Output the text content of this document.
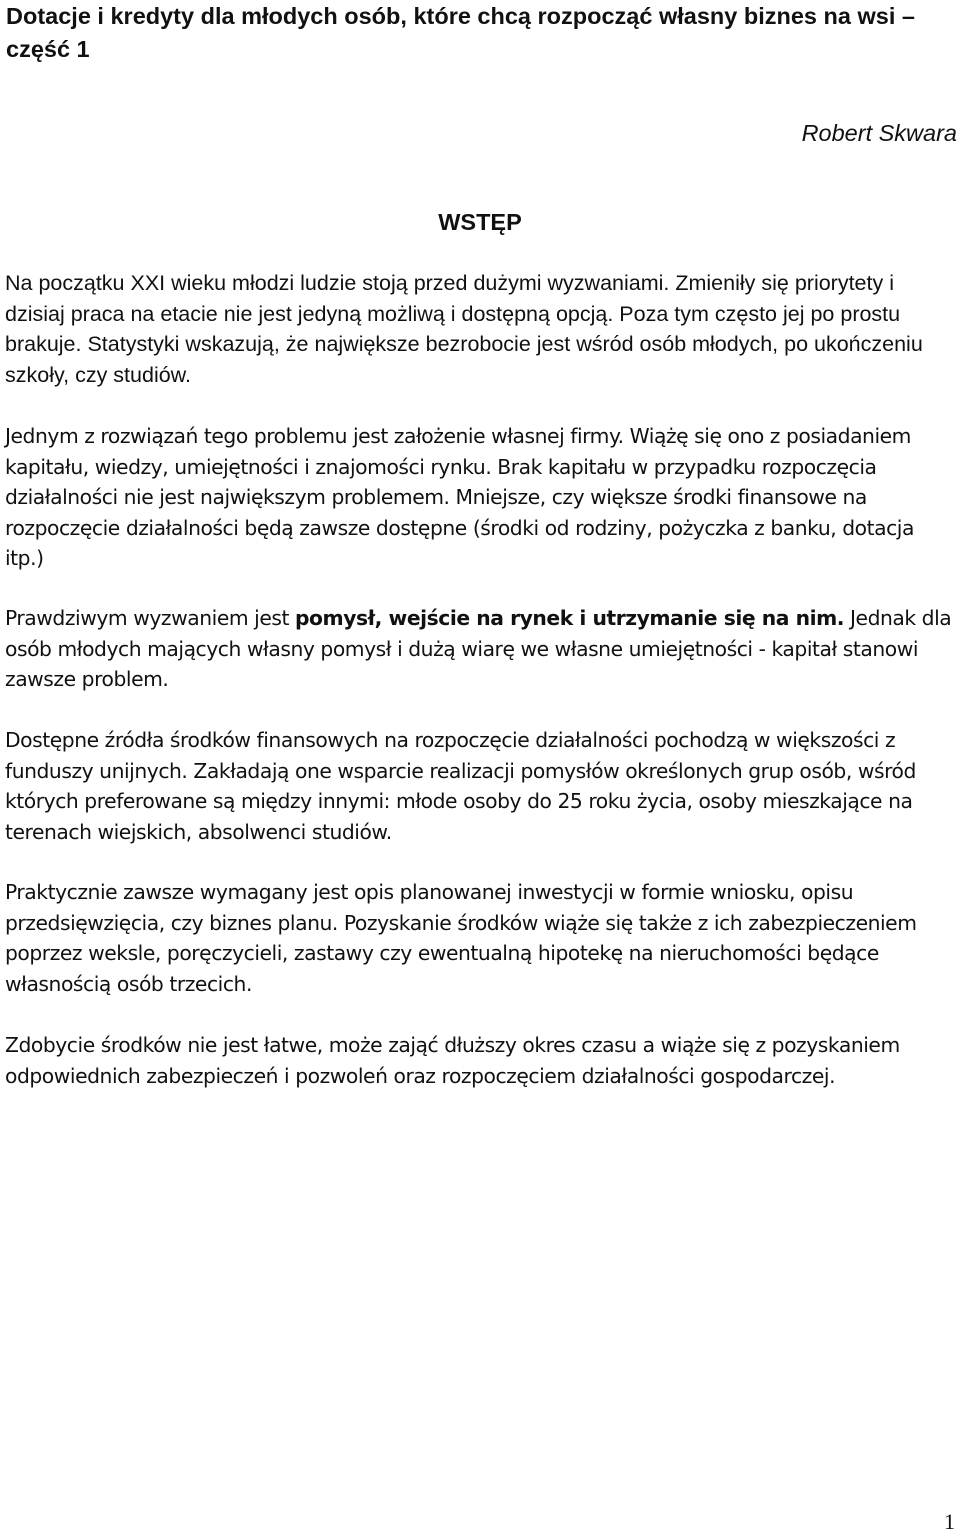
Dotacje i kredyty dla młodych osób, które chcą rozpocząć własny biznes na wsi – część 1

Robert Skwara

WSTĘP

Na początku XXI wieku młodzi ludzie stoją przed dużymi wyzwaniami. Zmieniły się priorytety i dzisiaj praca na etacie nie jest jedyną możliwą i dostępną opcją. Poza tym często jej po prostu brakuje. Statystyki wskazują, że największe bezrobocie jest wśród osób młodych, po ukończeniu szkoły, czy studiów.

Jednym z rozwiązań tego problemu jest założenie własnej firmy. Wiążę się ono z posiadaniem kapitału, wiedzy, umiejętności i znajomości rynku. Brak kapitału w przypadku rozpoczęcia działalności nie jest największym problemem. Mniejsze, czy większe środki finansowe na rozpoczęcie działalności będą zawsze dostępne (środki od rodziny, pożyczka z banku, dotacja itp.)

Prawdziwym wyzwaniem jest pomysł, wejście na rynek i utrzymanie się na nim. Jednak dla osób młodych mających własny pomysł i dużą wiarę we własne umiejętności - kapitał stanowi zawsze problem.

Dostępne źródła środków finansowych na rozpoczęcie działalności pochodzą w większości z funduszy unijnych. Zakładają one wsparcie realizacji pomysłów określonych grup osób, wśród których preferowane są między innymi: młode osoby do 25 roku życia, osoby mieszkające na terenach wiejskich, absolwenci studiów.

Praktycznie zawsze wymagany jest opis planowanej inwestycji w formie wniosku, opisu przedsięwzięcia, czy biznes planu. Pozyskanie środków wiąże się także z ich zabezpieczeniem poprzez weksle, poręczycieli, zastawy czy ewentualną hipotekę na nieruchomości będące własnością osób trzecich.

Zdobycie środków nie jest łatwe, może zająć dłuższy okres czasu a wiąże się z pozyskaniem odpowiednich zabezpieczeń i pozwoleń oraz rozpoczęciem działalności gospodarczej.

1
